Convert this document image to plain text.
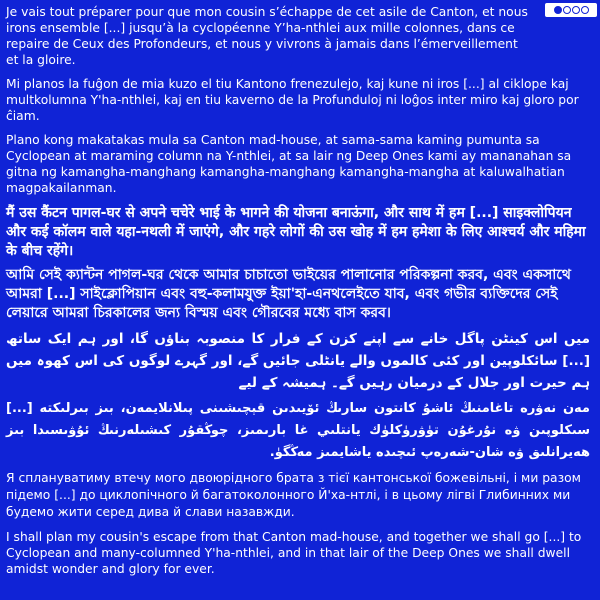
Je vais tout préparer pour que mon cousin s’échappe de cet asile de Canton, et nous irons ensemble [...] jusqu’à la cyclopéenne Y’ha-nthlei aux mille colonnes, dans ce repaire de Ceux des Profondeurs, et nous y vivrons à jamais dans l’émerveillement et la gloire.

Mi planos la fuĝon de mia kuzo el tiu Kantono frenezulejo, kaj kune ni iros [...] al ciklope kaj multkolumna Y'ha-nthlei, kaj en tiu kaverno de la Profunduloj ni loĝos inter miro kaj gloro por ĉiam.

Plano kong makatakas mula sa Canton mad-house, at sama-sama kaming pumunta sa Cyclopean at maraming column na Y-nthlei, at sa lair ng Deep Ones kami ay mananahan sa gitna ng kamangha-manghang kamangha-manghang kamangha-mangha at kaluwalhatian magpakailanman.

मैं उस कैंटन पागल-घर से अपने चचेरे भाई के भागने की योजना बनाऊंगा, और साथ में हम [...] साइक्लोपियन और कई कॉलम वाले यहा-नथली में जाएंगे, और गहरे लोगों की उस खोह में हम हमेशा के लिए आश्चर्य और महिमा के बीच रहेंगे।

আমি সেই ক্যান্টন পাগল-ঘর থেকে আমার চাচাতো ভাইয়ের পালানোর পরিকল্পনা করব, এবং একসাথে আমরা [...] সাইক্লোপিয়ান এবং বহু-কলামযুক্ত ইয়া'হা-এনথলেইতে যাব, এবং গভীর ব্যক্তিদের সেই লেয়ারে আমরা চিরকালের জন্য বিস্ময় এবং গৌরবের মধ্যে বাস করব।

میں اس کینٹن پاگل خانے سے اپنے کزن کے فرار کا منصوبہ بناؤں گا، اور ہم ایک ساتھ [...] سائکلوپین اور کئی کالموں والے یانٹلی جائیں گے، اور گہرے لوگوں کی اس کھوہ میں ہم حیرت اور جلال کے درمیان رہیں گے۔ ہمیشہ کے لیے

مەن نەۋرە تاغامنىڭ ئاشۇ كانتون سارىڭ ئۆيىدىن قېچىشىنى پىلانلايمەن، بىز بىرلىكتە [...] سىكلوپىن ۋە نۇرغۇن تۈۋرۈكلۈك يانتلىي غا بارىمىز، چوڭقۇر كىشىلەرنىڭ ئۇۋىسىدا بىز ھەيرانلىق ۋە شان-شەرەپ ئىچىدە ياشايمىز مەڭگۈ.

Я сплануватиму втечу мого двоюрідного брата з тієї кантонської божевільні, і ми разом підемо [...] до циклопічного й багатоколонного Й'ха-нтлі, і в цьому лігві Глибинних ми будемо жити серед дива й слави назавжди.

I shall plan my cousin's escape from that Canton mad-house, and together we shall go [...] to Cyclopean and many-columned Y'ha-nthlei, and in that lair of the Deep Ones we shall dwell amidst wonder and glory for ever.
